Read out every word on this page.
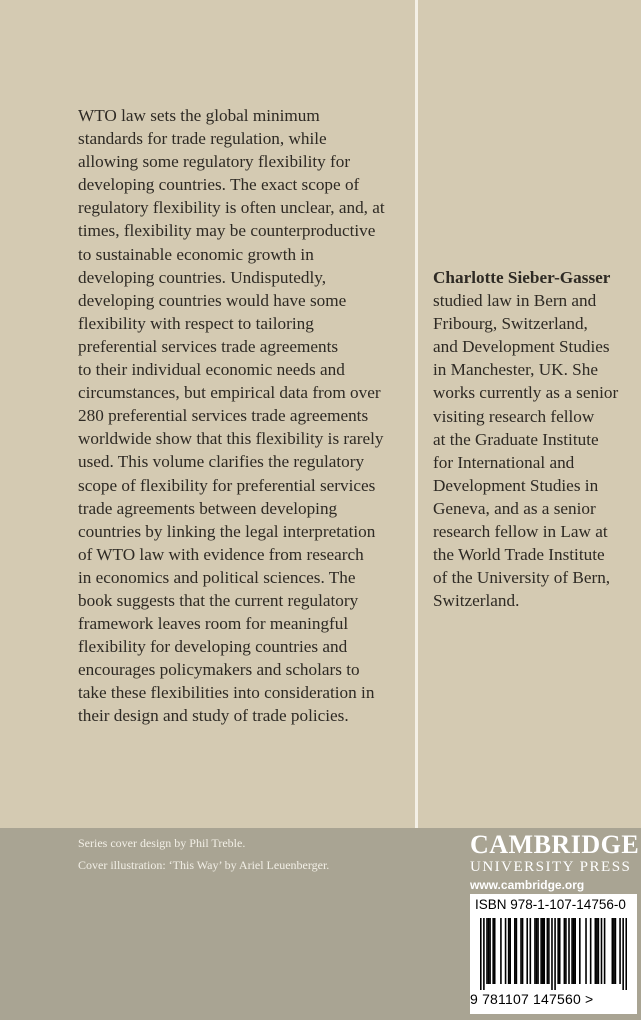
WTO law sets the global minimum
standards for trade regulation, while
allowing some regulatory flexibility for
developing countries. The exact scope of
regulatory flexibility is often unclear, and, at
times, flexibility may be counterproductive
to sustainable economic growth in
developing countries. Undisputedly,
developing countries would have some
flexibility with respect to tailoring
preferential services trade agreements
to their individual economic needs and
circumstances, but empirical data from over
280 preferential services trade agreements
worldwide show that this flexibility is rarely
used. This volume clarifies the regulatory
scope of flexibility for preferential services
trade agreements between developing
countries by linking the legal interpretation
of WTO law with evidence from research
in economics and political sciences. The
book suggests that the current regulatory
framework leaves room for meaningful
flexibility for developing countries and
encourages policymakers and scholars to
take these flexibilities into consideration in
their design and study of trade policies.
Charlotte Sieber-Gasser
studied law in Bern and
Fribourg, Switzerland,
and Development Studies
in Manchester, UK. She
works currently as a senior
visiting research fellow
at the Graduate Institute
for International and
Development Studies in
Geneva, and as a senior
research fellow in Law at
the World Trade Institute
of the University of Bern,
Switzerland.
Series cover design by Phil Treble.
Cover illustration: ‘This Way’ by Ariel Leuenberger.
CAMBRIDGE
UNIVERSITY PRESS
www.cambridge.org
ISBN 978-1-107-14756-0
9 781107 147560 >
